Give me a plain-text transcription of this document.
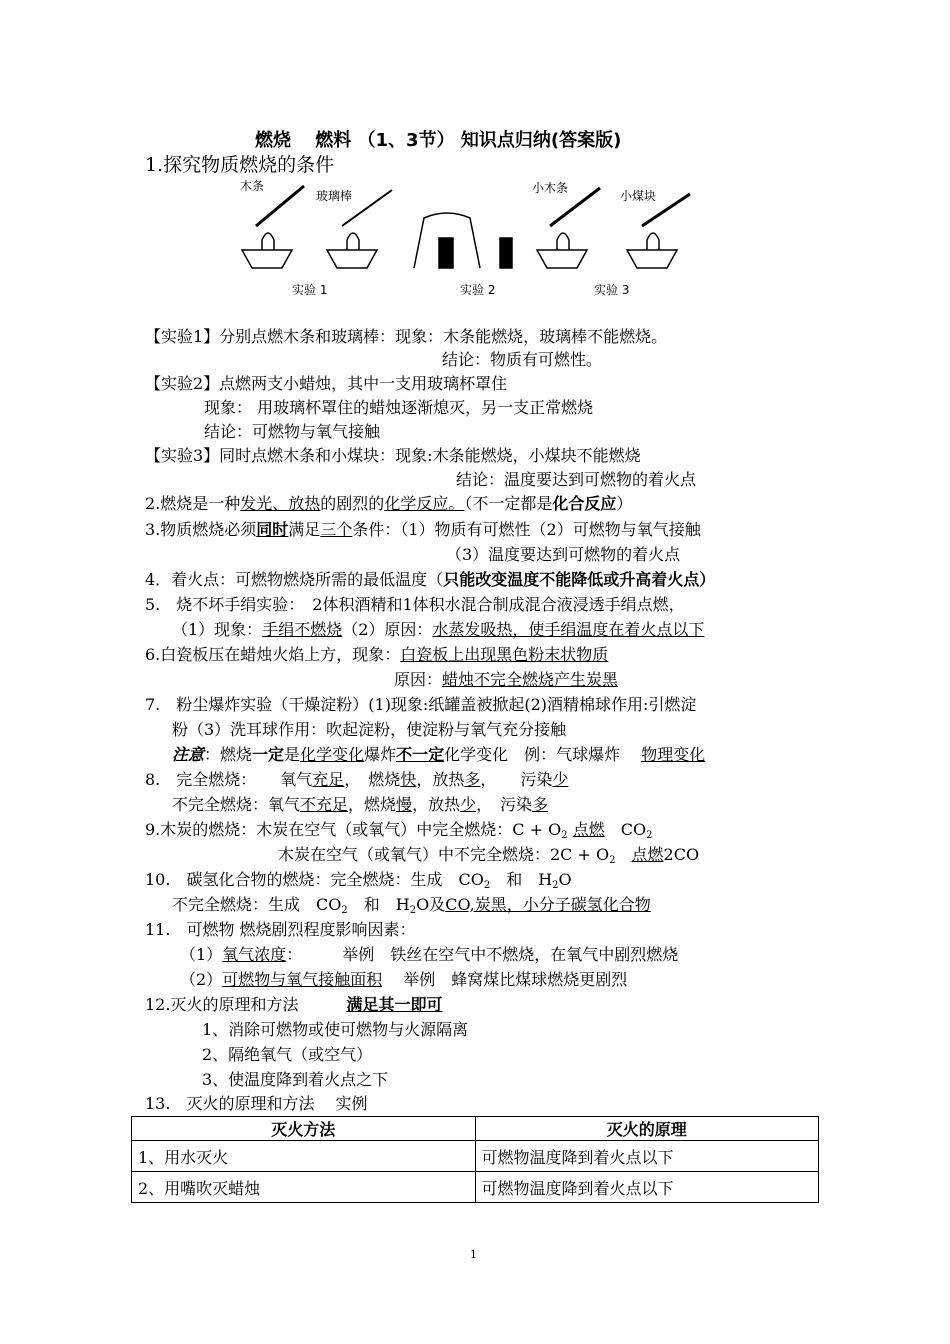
燃烧　 燃料 （1、3节） 知识点归纳(答案版)
1.探究物质燃烧的条件
木条
玻璃棒
小木条
小煤块
实验 1	实验 2	实验 3
【实验1】分别点燃木条和玻璃棒：现象：木条能燃烧，玻璃棒不能燃烧。
结论：物质有可燃性。
【实验2】点燃两支小蜡烛，其中一支用玻璃杯罩住
现象： 用玻璃杯罩住的蜡烛逐渐熄灭，另一支正常燃烧
结论：可燃物与氧气接触
【实验3】同时点燃木条和小煤块：现象:木条能燃烧，小煤块不能燃烧
结论：温度要达到可燃物的着火点
2.燃烧是一种发光、放热的剧烈的化学反应。（不一定都是化合反应）
3.物质燃烧必须同时满足三个条件：（1）物质有可燃性（2）可燃物与氧气接触
（3）温度要达到可燃物的着火点
4．着火点：可燃物燃烧所需的最低温度（只能改变温度不能降低或升高着火点）
5.　烧不坏手绢实验：　2体积酒精和1体积水混合制成混合液浸透手绢点燃，
（1）现象：手绢不燃烧（2）原因：水蒸发吸热，使手绢温度在着火点以下
6.白瓷板压在蜡烛火焰上方，现象：白瓷板上出现黑色粉末状物质
原因：蜡烛不完全燃烧产生炭黑
7.　粉尘爆炸实验（干燥淀粉）(1)现象:纸罐盖被掀起(2)酒精棉球作用:引燃淀
粉（3）洗耳球作用：吹起淀粉，使淀粉与氧气充分接触
注意：燃烧一定是化学变化爆炸不一定化学变化　例：气球爆炸　 物理变化
8.　完全燃烧：　　氧气充足，　燃烧快，放热多，　　污染少
不完全燃烧：氧气不充足，燃烧慢，放热少，　污染多
9.木炭的燃烧：木炭在空气（或氧气）中完全燃烧：$C + O_2$ 点燃　 $CO_2$
木炭在空气（或氧气）中不完全燃烧：$2C + O_2$　 点燃2CO
10.　碳氢化合物的燃烧：完全燃烧：生成　$CO_2$　和　$H_2O$
不完全燃烧：生成　$CO_2$　和　$H_2O$及CO,炭黑，小分子碳氢化合物
11.　可燃物 燃烧剧烈程度影响因素：
（1）氧气浓度：　　　举例　铁丝在空气中不燃烧，在氧气中剧烈燃烧
（2）可燃物与氧气接触面积　 举例　蜂窝煤比煤球燃烧更剧烈
12.灭火的原理和方法　　　满足其一即可
1、消除可燃物或使可燃物与火源隔离
2、隔绝氧气（或空气）
3、使温度降到着火点之下
13.　灭火的原理和方法　 实例
灭火方法	灭火的原理
1、用水灭火	可燃物温度降到着火点以下
2、用嘴吹灭蜡烛	可燃物温度降到着火点以下
1
